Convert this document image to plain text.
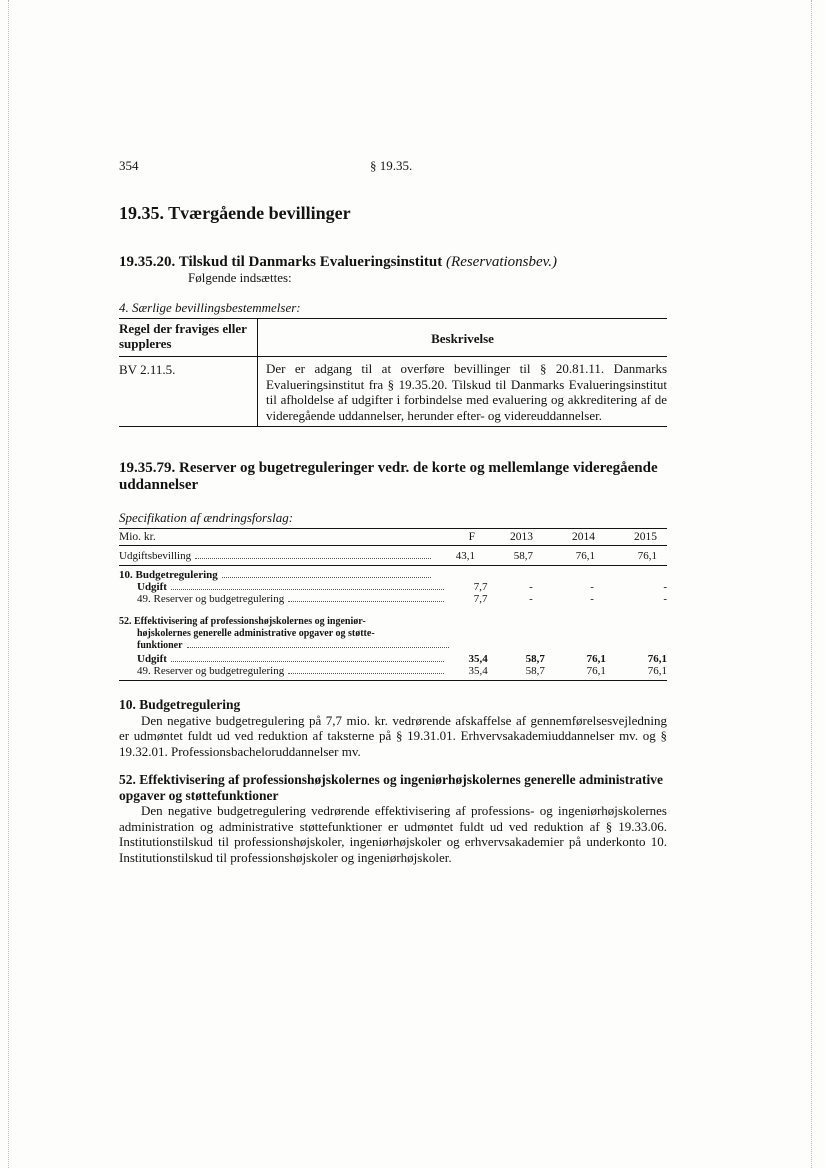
354	§ 19.35.
19.35. Tværgående bevillinger
19.35.20. Tilskud til Danmarks Evalueringsinstitut (Reservationsbev.)
Følgende indsættes:
4. Særlige bevillingsbestemmelser:
Regel der fraviges eller suppleres	Beskrivelse
BV 2.11.5.	Der er adgang til at overføre bevillinger til § 20.81.11. Danmarks Evalueringsinstitut fra § 19.35.20. Tilskud til Danmarks Evalueringsinstitut til afholdelse af udgifter i forbindelse med evaluering og akkreditering af de videregående uddannelser, herunder efter- og videreuddannelser.
19.35.79. Reserver og bugetreguleringer vedr. de korte og mellemlange videregående uddannelser
Specifikation af ændringsforslag:
Mio. kr.	F	2013	2014	2015
Udgiftsbevilling	43,1	58,7	76,1	76,1
10. Budgetregulering
Udgift	7,7	-	-	-
49. Reserver og budgetregulering	7,7	-	-	-
52. Effektivisering af professionshøjskolernes og ingeniør-
højskolernes generelle administrative opgaver og støtte-
funktioner
Udgift	35,4	58,7	76,1	76,1
49. Reserver og budgetregulering	35,4	58,7	76,1	76,1
10. Budgetregulering

Den negative budgetregulering på 7,7 mio. kr. vedrørende afskaffelse af gennemførelsesvejledning er udmøntet fuldt ud ved reduktion af taksterne på § 19.31.01. Erhvervsakademiuddannelser mv. og § 19.32.01. Professionsbacheloruddannelser mv.

52. Effektivisering af professionshøjskolernes og ingeniørhøjskolernes generelle administrative opgaver og støttefunktioner

Den negative budgetregulering vedrørende effektivisering af professions- og ingeniørhøjskolernes administration og administrative støttefunktioner er udmøntet fuldt ud ved reduktion af § 19.33.06. Institutionstilskud til professionshøjskoler, ingeniørhøjskoler og erhvervsakademier på underkonto 10. Institutionstilskud til professionshøjskoler og ingeniørhøjskoler.
